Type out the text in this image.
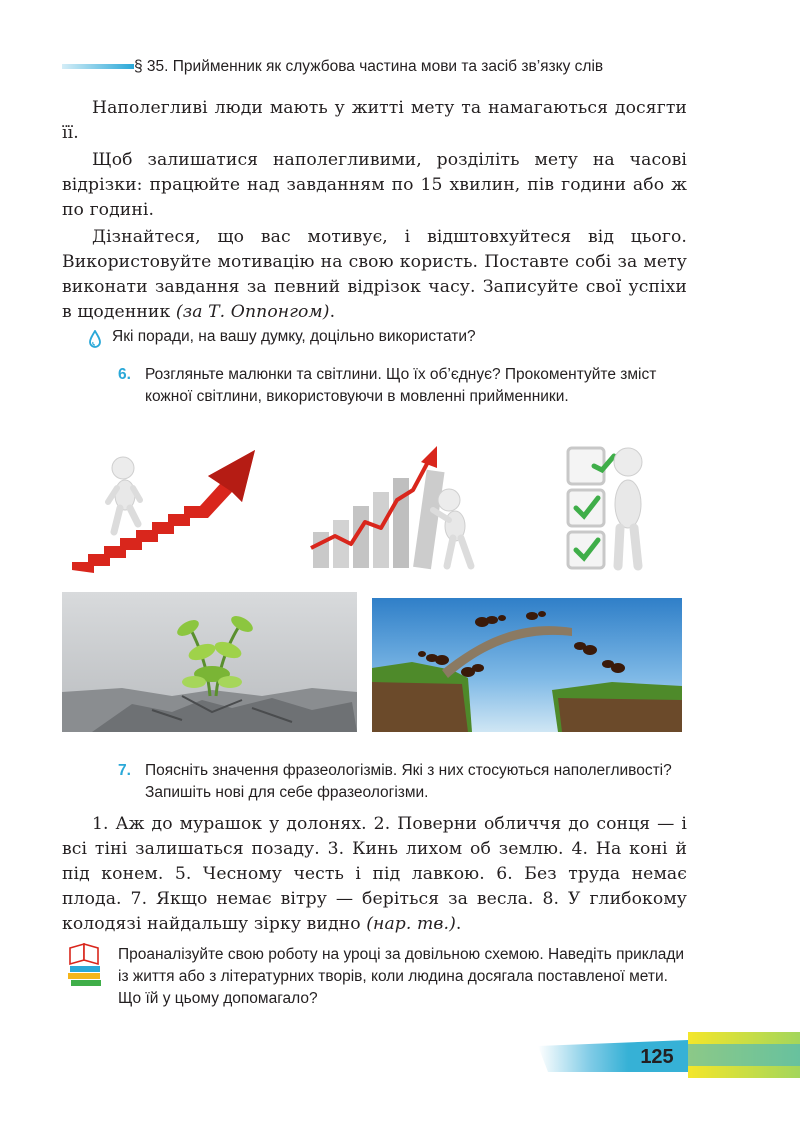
§ 35. Прийменник як службова частина мови та засіб зв’язку слів

Наполегливі люди мають у житті мету та намагаються досягти її.

Щоб залишатися наполегливими, розділіть мету на часові відрізки: працюйте над завданням по 15 хвилин, пів години або ж по годині.

Дізнайтеся, що вас мотивує, і відштовхуйтеся від цього. Використовуйте мотивацію на свою користь. Поставте собі за мету виконати завдання за певний відрізок часу. Записуйте свої успіхи в щоденник (за Т. Оппонгом).

Які поради, на вашу думку, доцільно використати?
6. Розгляньте малюнки та світлини. Що їх об’єднує? Прокоментуйте зміст кожної світлини, використовуючи в мовленні прийменники.
7. Поясніть значення фразеологізмів. Які з них стосуються наполегливості? Запишіть нові для себе фразеологізми.

1. Аж до мурашок у долонях. 2. Поверни обличчя до сонця — і всі тіні залишаться позаду. 3. Кинь лихом об землю. 4. На коні й під конем. 5. Чесному честь і під лавкою. 6. Без труда немає плода. 7. Якщо немає вітру — беріться за весла. 8. У глибокому колодязі найдальшу зірку видно (нар. тв.).

Проаналізуйте свою роботу на уроці за довільною схемою. Наведіть приклади із життя або з літературних творів, коли людина досягала поставленої мети. Що їй у цьому допомагало?
125
